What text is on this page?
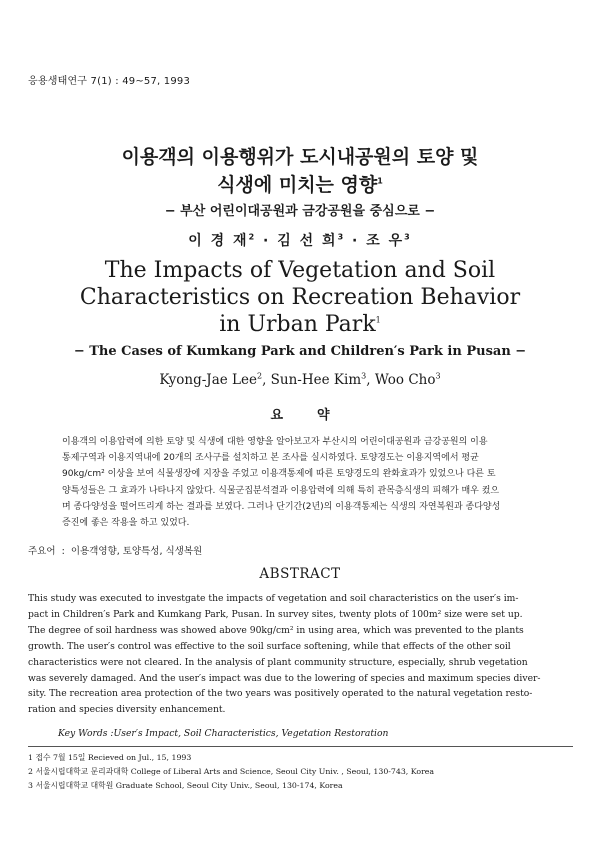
응용생태연구 7(1) : 49~57, 1993
이용객의 이용행위가 도시내공원의 토양 및
식생에 미치는 영향$^1$
− 부산 어린이대공원과 금강공원을 중심으로 −
이 경 재$^2$ · 김 선 희$^3$ · 조 우$^3$
The Impacts of Vegetation and Soil
Characteristics on Recreation Behavior
in Urban Park$^1$
− The Cases of Kumkang Park and Children′s Park in Pusan −
Kyong-Jae Lee$^2$, Sun-Hee Kim$^3$, Woo Cho$^3$
요약
이용객의 이용압력에 의한 토양 및 식생에 대한 영향을 알아보고자 부산시의 어린이대공원과 금강공원의 이용
통제구역과 이용지역내에 20개의 조사구를 설치하고 본 조사를 실시하였다. 토양경도는 이용지역에서 평균
90kg/cm² 이상을 보여 식물생장에 지장을 주었고 이용객통제에 따른 토양경도의 완화효과가 있었으나 다른 토
양특성들은 그 효과가 나타나지 않았다. 식물군집분석결과 이용압력에 의해 특히 관목층식생의 피해가 매우 컸으
며 종다양성을 떨어뜨리게 하는 결과를 보였다. 그러나 단기간(2년)의 이용객통제는 식생의 자연복원과 종다양성
증진에 좋은 작용을 하고 있었다.
주요어  :  이용객영향, 토양특성, 식생복원
ABSTRACT
This study was executed to investgate the impacts of vegetation and soil characteristics on the user′s im-
pact in Children′s Park and Kumkang Park, Pusan. In survey sites, twenty plots of 100m² size were set up.
The degree of soil hardness was showed above 90kg/cm² in using area, which was prevented to the plants
growth. The user′s control was effective to the soil surface softening, while that effects of the other soil
characteristics were not cleared. In the analysis of plant community structure, especially, shrub vegetation
was severely damaged. And the user′s impact was due to the lowering of species and maximum species diver-
sity. The recreation area protection of the two years was positively operated to the natural vegetation resto-
ration and species diversity enhancement.
Key Words :User′s Impact, Soil Characteristics, Vegetation Restoration
1 접수 7월 15일 Recieved on Jul., 15, 1993
2 서울시립대학교 문리과대학 College of Liberal Arts and Science, Seoul City Univ. , Seoul, 130-743, Korea
3 서울시립대학교 대학원 Graduate School, Seoul City Univ., Seoul, 130-174, Korea
